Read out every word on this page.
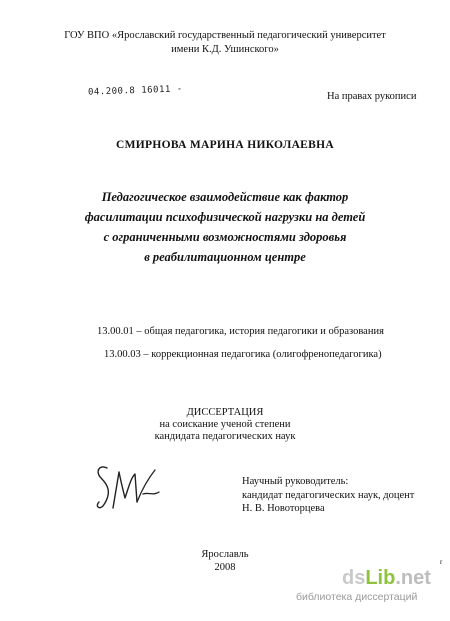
ГОУ ВПО «Ярославский государственный педагогический университет
имени К.Д. Ушинского»
04.200.8 16011 -	На правах рукописи
СМИРНОВА МАРИНА НИКОЛАЕВНА
Педагогическое взаимодействие как фактор
фасилитации психофизической нагрузки на детей
с ограниченными возможностями здоровья
в реабилитационном центре
13.00.01 – общая педагогика, история педагогики и образования
13.00.03 – коррекционная педагогика (олигофренопедагогика)
ДИССЕРТАЦИЯ
на соискание ученой степени
кандидата педагогических наук
Научный руководитель:
кандидат педагогических наук, доцент
Н. В. Новоторцева
Ярославль
2008	r
dsLib.net
библиотека диссертаций
